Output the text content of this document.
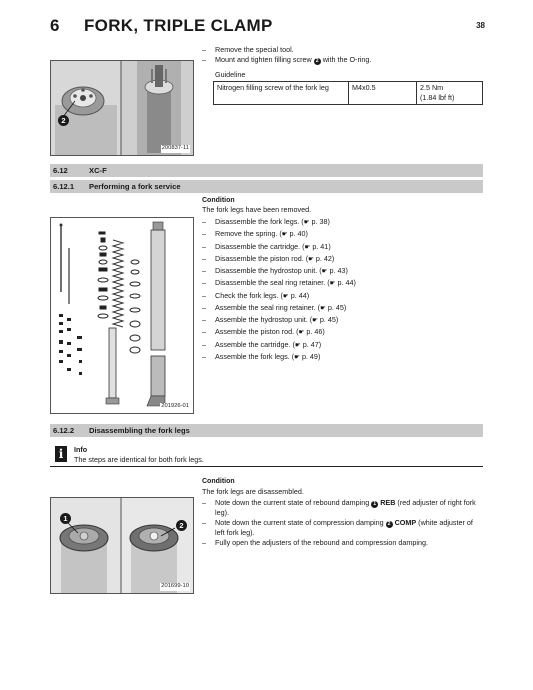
6 FORK, TRIPLE CLAMP	38
2
200837-11
– Remove the special tool.
– Mount and tighten filling screw 2 with the O-ring.
Guideline
Nitrogen filling screw of the fork leg	M4x0.5	2.5 Nm
(1.84 lbf ft)
6.12	XC-F
6.12.1 Performing a fork service
201926-01
Condition
The fork legs have been removed.
– Disassemble the fork legs. (☛ p. 38)
– Remove the spring. (☛ p. 40)
– Disassemble the cartridge. (☛ p. 41)
– Disassemble the piston rod. (☛ p. 42)
– Disassemble the hydrostop unit. (☛ p. 43)
– Disassemble the seal ring retainer. (☛ p. 44)
– Check the fork legs. (☛ p. 44)
– Assemble the seal ring retainer. (☛ p. 45)
– Assemble the hydrostop unit. (☛ p. 45)
– Assemble the piston rod. (☛ p. 46)
– Assemble the cartridge. (☛ p. 47)
– Assemble the fork legs. (☛ p. 49)
6.12.2 Disassembling the fork legs
i	Info
The steps are identical for both fork legs.
1
2
201699-10
Condition
The fork legs are disassembled.
– Note down the current state of rebound damping 1 REB (red adjuster of right fork leg).
– Note down the current state of compression damping 2 COMP (white adjuster of left fork leg).
– Fully open the adjusters of the rebound and compression damping.
